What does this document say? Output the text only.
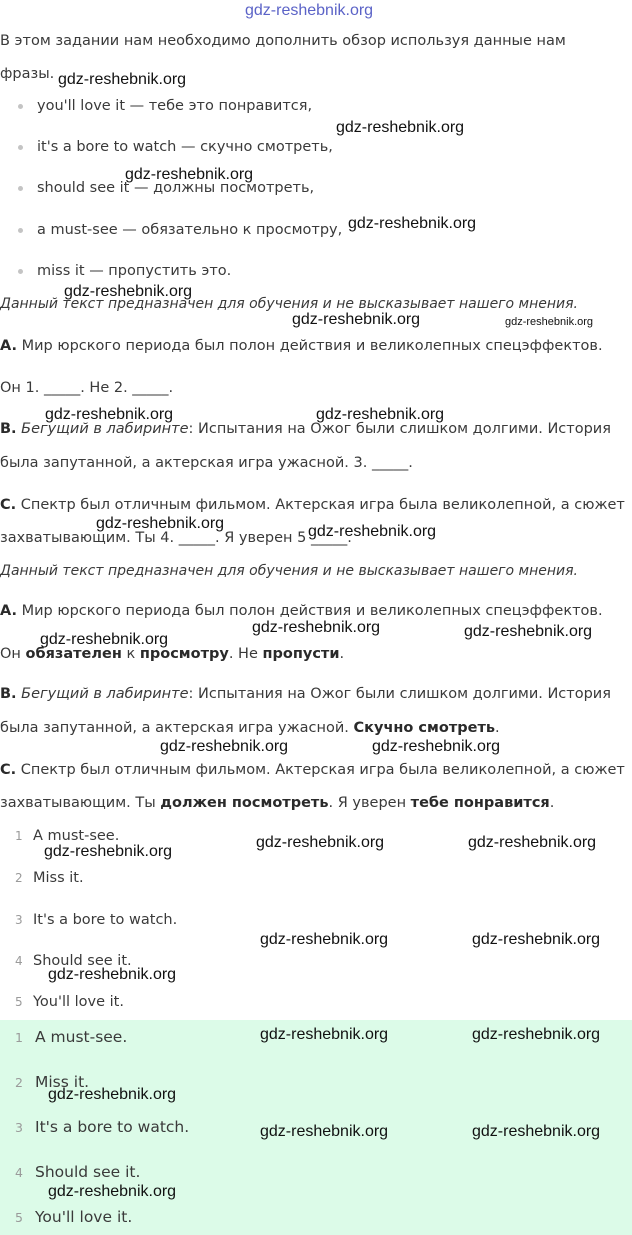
gdz-reshebnik.org
В этом задании нам необходимо дополнить обзор используя данные нам
фразы.
you'll love it — тебе это понравится,
it's a bore to watch — скучно смотреть,
should see it — должны посмотреть,
a must-see — обязательно к просмотру,
miss it — пропустить это.
Данный текст предназначен для обучения и не высказывает нашего мнения.
A. Мир юрского периода был полон действия и великолепных спецэффектов.
Он 1. _____. Не 2. _____.
B. Бегущий в лабиринте: Испытания на Ожог были слишком долгими. История
была запутанной, а актерская игра ужасной. 3. _____.
C. Спектр был отличным фильмом. Актерская игра была великолепной, а сюжет
захватывающим. Ты 4. _____. Я уверен 5 _____.
Данный текст предназначен для обучения и не высказывает нашего мнения.
A. Мир юрского периода был полон действия и великолепных спецэффектов.
Он обязателен к просмотру. Не пропусти.
B. Бегущий в лабиринте: Испытания на Ожог были слишком долгими. История
была запутанной, а актерская игра ужасной. Скучно смотреть.
C. Спектр был отличным фильмом. Актерская игра была великолепной, а сюжет
захватывающим. Ты должен посмотреть. Я уверен тебе понравится.
1 A must-see.
2 Miss it.
3 It's a bore to watch.
4 Should see it.
5 You'll love it.
1 A must-see.
2 Miss it.
3 It's a bore to watch.
4 Should see it.
5 You'll love it.
gdz-reshebnik.org
gdz-reshebnik.org
gdz-reshebnik.org
gdz-reshebnik.org
gdz-reshebnik.org
gdz-reshebnik.org	gdz-reshebnik.org
gdz-reshebnik.org	gdz-reshebnik.org
gdz-reshebnik.org	gdz-reshebnik.org
gdz-reshebnik.org
gdz-reshebnik.org	gdz-reshebnik.org
gdz-reshebnik.org	gdz-reshebnik.org
gdz-reshebnik.org	gdz-reshebnik.org
gdz-reshebnik.org
gdz-reshebnik.org	gdz-reshebnik.org
gdz-reshebnik.org
gdz-reshebnik.org	gdz-reshebnik.org
gdz-reshebnik.org
gdz-reshebnik.org	gdz-reshebnik.org
gdz-reshebnik.org
